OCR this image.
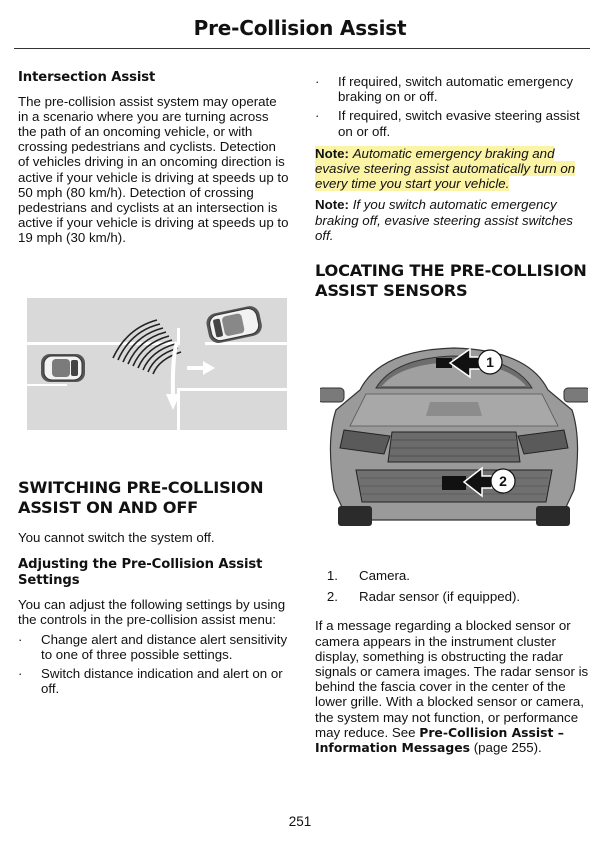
Pre-Collision Assist
Intersection Assist

The pre-collision assist system may operate in a scenario where you are turning across the path of an oncoming vehicle, or with crossing pedestrians and cyclists. Detection of vehicles driving in an oncoming direction is active if your vehicle is driving at speeds up to 50 mph (80 km/h). Detection of crossing pedestrians and cyclists at an intersection is active if your vehicle is driving at speeds up to 19 mph (30 km/h).

SWITCHING PRE-COLLISION ASSIST ON AND OFF

You cannot switch the system off.

Adjusting the Pre-Collision Assist Settings

You can adjust the following settings by using the controls in the pre-collision assist menu:

· Change alert and distance alert sensitivity to one of three possible settings.
· Switch distance indication and alert on or off.
· If required, switch automatic emergency braking on or off.
· If required, switch evasive steering assist on or off.

Note: Automatic emergency braking and evasive steering assist automatically turn on every time you start your vehicle.

Note: If you switch automatic emergency braking off, evasive steering assist switches off.

LOCATING THE PRE-COLLISION ASSIST SENSORS
1
2
1. Camera.
2. Radar sensor (if equipped).

If a message regarding a blocked sensor or camera appears in the instrument cluster display, something is obstructing the radar signals or camera images. The radar sensor is behind the fascia cover in the center of the lower grille. With a blocked sensor or camera, the system may not function, or performance may reduce. See Pre-Collision Assist – Information Messages (page 255).

251
